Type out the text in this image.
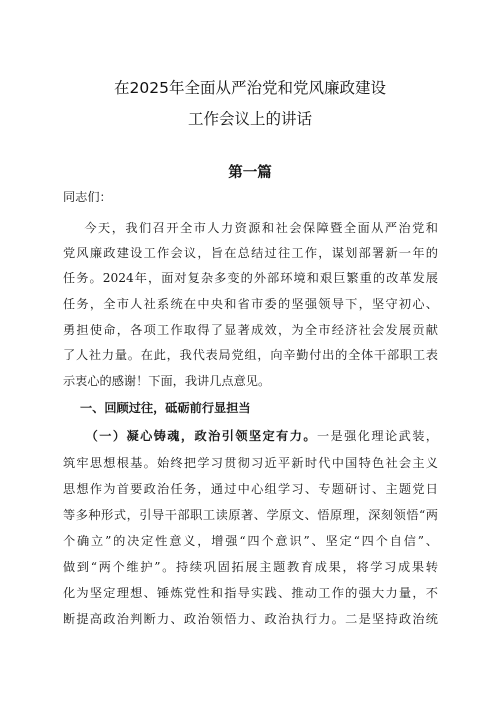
在2025年全面从严治党和党风廉政建设
工作会议上的讲话
第一篇
同志们：
今天，我们召开全市人力资源和社会保障暨全面从严治党和
党风廉政建设工作会议，旨在总结过往工作，谋划部署新一年的
任务。2024年，面对复杂多变的外部环境和艰巨繁重的改革发展
任务，全市人社系统在中央和省市委的坚强领导下，坚守初心、
勇担使命，各项工作取得了显著成效，为全市经济社会发展贡献
了人社力量。在此，我代表局党组，向辛勤付出的全体干部职工表
示衷心的感谢！下面，我讲几点意见。
一、回顾过往，砥砺前行显担当
（一）凝心铸魂，政治引领坚定有力。一是强化理论武装，
筑牢思想根基。始终把学习贯彻习近平新时代中国特色社会主义
思想作为首要政治任务，通过中心组学习、专题研讨、主题党日
等多种形式，引导干部职工读原著、学原文、悟原理，深刻领悟“两
个确立”的决定性意义，增强“四个意识”、坚定“四个自信”、
做到“两个维护”。持续巩固拓展主题教育成果，将学习成果转
化为坚定理想、锤炼党性和指导实践、推动工作的强大力量，不
断提高政治判断力、政治领悟力、政治执行力。二是坚持政治统
